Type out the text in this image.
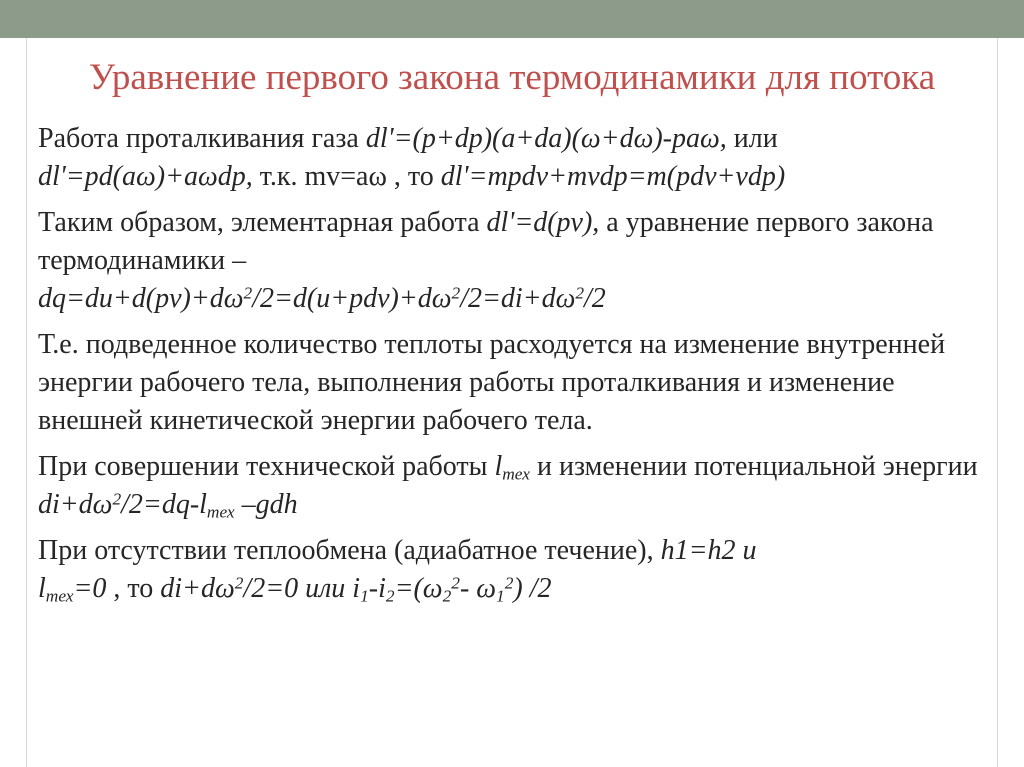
Уравнение первого закона термодинамики для потока
Работа проталкивания газа dl'=(p+dp)(a+da)(ω+dω)-paω, или
dl'=pd(aω)+aωdp, т.к. mv=aω , то dl'=mpdv+mvdp=m(pdv+vdp)
Таким образом, элементарная работа dl'=d(pv), а уравнение первого закона термодинамики –
$dq=du+d(pv)+d\omega^2/2=d(u+pdv)+d\omega^2/2=di+d\omega^2/2$
Т.е. подведенное количество теплоты расходуется на изменение внутренней энергии рабочего тела, выполнения работы проталкивания и изменение внешней кинетической энергии рабочего тела.
При совершении технической работы $l_{тех}$ и изменении потенциальной энергии $di+d\omega^2/2=dq-l_{тех}$ –gdh
При отсутствии теплообмена (адиабатное течение), h1=h2 и
$l_{тех}=0$ , то $di+d\omega^2/2=0$ или $i_1-i_2=(\omega_2^2-$ $\omega_1^2$) /2
